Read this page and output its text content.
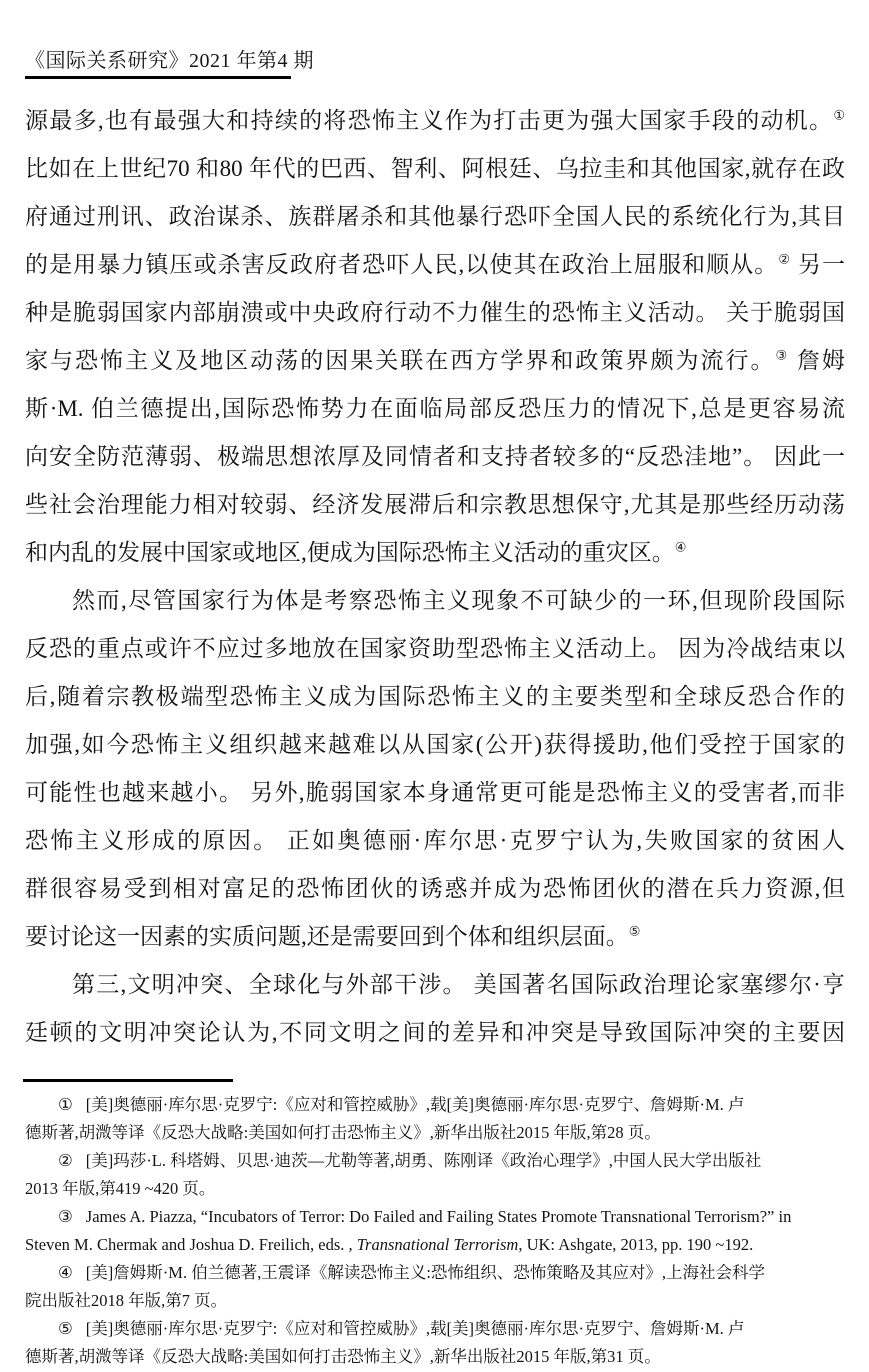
《国际关系研究》2021 年第4 期
源最多,也有最强大和持续的将恐怖主义作为打击更为强大国家手段的动机。①
比如在上世纪70 和80 年代的巴西、智利、阿根廷、乌拉圭和其他国家,就存在政
府通过刑讯、政治谋杀、族群屠杀和其他暴行恐吓全国人民的系统化行为,其目
的是用暴力镇压或杀害反政府者恐吓人民,以使其在政治上屈服和顺从。② 另一
种是脆弱国家内部崩溃或中央政府行动不力催生的恐怖主义活动。 关于脆弱国
家与恐怖主义及地区动荡的因果关联在西方学界和政策界颇为流行。③ 詹姆
斯·M. 伯兰德提出,国际恐怖势力在面临局部反恐压力的情况下,总是更容易流
向安全防范薄弱、极端思想浓厚及同情者和支持者较多的“反恐洼地”。 因此一
些社会治理能力相对较弱、经济发展滞后和宗教思想保守,尤其是那些经历动荡
和内乱的发展中国家或地区,便成为国际恐怖主义活动的重灾区。④
然而,尽管国家行为体是考察恐怖主义现象不可缺少的一环,但现阶段国际
反恐的重点或许不应过多地放在国家资助型恐怖主义活动上。 因为冷战结束以
后,随着宗教极端型恐怖主义成为国际恐怖主义的主要类型和全球反恐合作的
加强,如今恐怖主义组织越来越难以从国家(公开)获得援助,他们受控于国家的
可能性也越来越小。 另外,脆弱国家本身通常更可能是恐怖主义的受害者,而非
恐怖主义形成的原因。 正如奥德丽·库尔思·克罗宁认为,失败国家的贫困人
群很容易受到相对富足的恐怖团伙的诱惑并成为恐怖团伙的潜在兵力资源,但
要讨论这一因素的实质问题,还是需要回到个体和组织层面。⑤
第三,文明冲突、全球化与外部干涉。 美国著名国际政治理论家塞缪尔·亨
廷顿的文明冲突论认为,不同文明之间的差异和冲突是导致国际冲突的主要因
① [美]奥德丽·库尔思·克罗宁:《应对和管控威胁》,载[美]奥德丽·库尔思·克罗宁、詹姆斯·M. 卢
德斯著,胡溦等译《反恐大战略:美国如何打击恐怖主义》,新华出版社2015 年版,第28 页。
② [美]玛莎·L. 科塔姆、贝思·迪茨—尤勒等著,胡勇、陈刚译《政治心理学》,中国人民大学出版社
2013 年版,第419 ~420 页。
③ James A. Piazza, “Incubators of Terror: Do Failed and Failing States Promote Transnational Terrorism?” in
Steven M. Chermak and Joshua D. Freilich, eds. , Transnational Terrorism, UK: Ashgate, 2013, pp. 190 ~192.
④ [美]詹姆斯·M. 伯兰德著,王震译《解读恐怖主义:恐怖组织、恐怖策略及其应对》,上海社会科学
院出版社2018 年版,第7 页。
⑤ [美]奥德丽·库尔思·克罗宁:《应对和管控威胁》,载[美]奥德丽·库尔思·克罗宁、詹姆斯·M. 卢
德斯著,胡溦等译《反恐大战略:美国如何打击恐怖主义》,新华出版社2015 年版,第31 页。
